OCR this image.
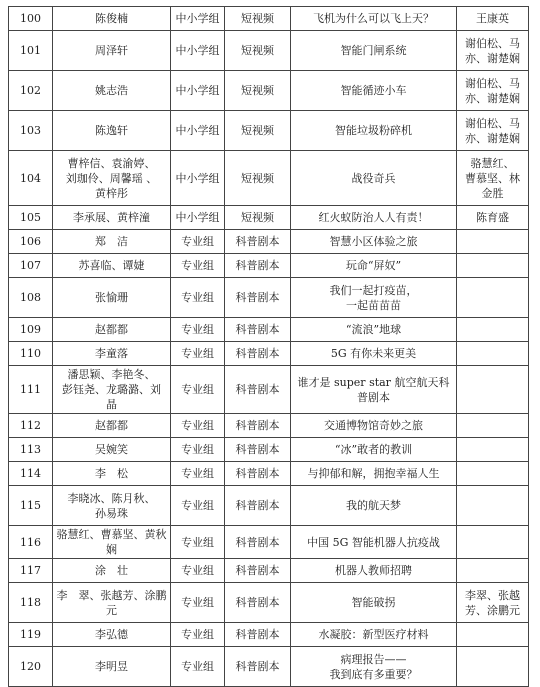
100	陈俊楠	中小学组	短视频	飞机为什么可以飞上天？	王康英
101	周泽轩	中小学组	短视频	智能门闸系统	谢伯松、马
亦、谢楚娴
102	姚志浩	中小学组	短视频	智能循迹小车	谢伯松、马
亦、谢楚娴
103	陈逸轩	中小学组	短视频	智能垃圾粉碎机	谢伯松、马
亦、谢楚娴
104	曹梓信、袁渝婷、
刘珈伶、周馨瑶 、
黄梓彤	中小学组	短视频	战役奇兵	骆慧红、
曹慕坚、林
金胜
105	李承展、黄梓潼	中小学组	短视频	红火蚁防治人人有责！	陈育盛
106	郑　洁	专业组	科普剧本	智慧小区体验之旅	
107	苏喜临、谭婕	专业组	科普剧本	玩命“屏奴”	
108	张愉珊	专业组	科普剧本	我们一起打疫苗，
一起苗苗苗	
109	赵都都	专业组	科普剧本	“流浪”地球	
110	李童落	专业组	科普剧本	5G 有你未来更美	
111	潘思颖、李艳冬、
彭钰尧、龙璐潞、刘　晶	专业组	科普剧本	谁才是 super star 航空航天科
普剧本	
112	赵都都	专业组	科普剧本	交通博物馆奇妙之旅	
113	吴婉笑	专业组	科普剧本	“冰”敢者的教训	
114	李　松	专业组	科普剧本	与抑郁和解，拥抱幸福人生	
115	李晓冰、陈月秋、
孙易珠	专业组	科普剧本	我的航天梦	
116	骆慧红、曹慕坚、黄秋娴	专业组	科普剧本	中国 5G 智能机器人抗疫战	
117	涂　壮	专业组	科普剧本	机器人教师招聘	
118	李　翠、张越芳、涂鹏元	专业组	科普剧本	智能破拐	李翠、张越
芳、涂鹏元
119	李弘德	专业组	科普剧本	水凝胶：新型医疗材料	
120	李明昱	专业组	科普剧本	病理报告——
我到底有多重要？	
